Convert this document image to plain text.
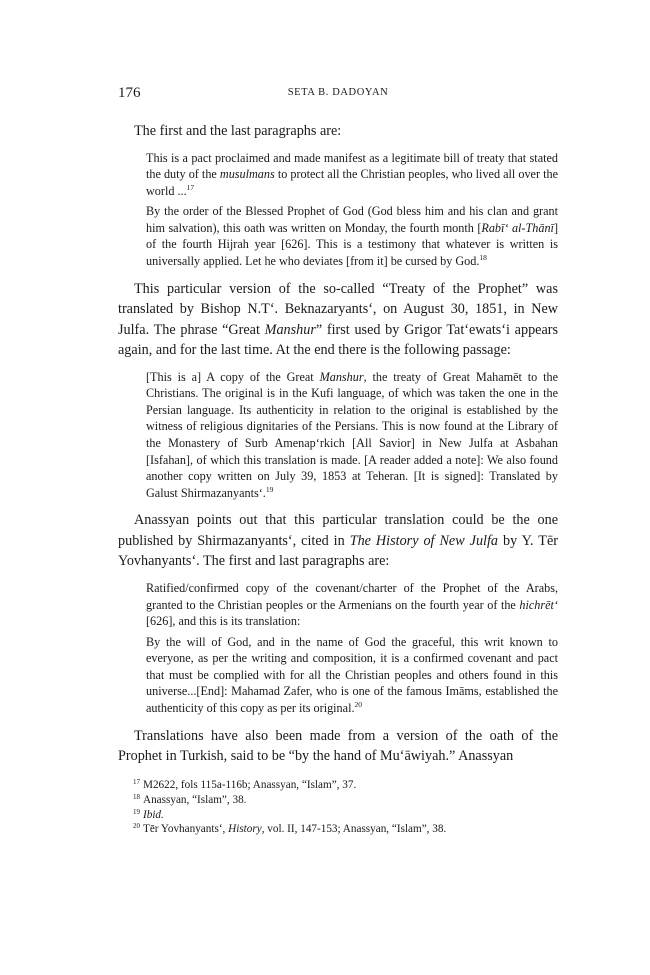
176	SETA B. DADOYAN

The first and the last paragraphs are:

This is a pact proclaimed and made manifest as a legitimate bill of treaty that stated the duty of the musulmans to protect all the Christian peoples, who lived all over the world ...$^{17}$

By the order of the Blessed Prophet of God (God bless him and his clan and grant him salvation), this oath was written on Monday, the fourth month [Rabī‘ al-Thānī] of the fourth Hijrah year [626]. This is a testimony that whatever is written is universally applied. Let he who deviates [from it] be cursed by God.$^{18}$

This particular version of the so-called “Treaty of the Prophet” was translated by Bishop N.T‘. Beknazaryants‘, on August 30, 1851, in New Julfa. The phrase “Great Manshur” first used by Grigor Tat‘ewats‘i appears again, and for the last time. At the end there is the following passage:

[This is a] A copy of the Great Manshur, the treaty of Great Mahamēt to the Christians. The original is in the Kufi language, of which was taken the one in the Persian language. Its authenticity in relation to the original is established by the witness of religious dignitaries of the Persians. This is now found at the Library of the Monastery of Surb Amenap‘rkich [All Savior] in New Julfa at Asbahan [Isfahan], of which this translation is made. [A reader added a note]: We also found another copy written on July 39, 1853 at Teheran. [It is signed]: Translated by Galust Shirmazanyants‘.$^{19}$

Anassyan points out that this particular translation could be the one published by Shirmazanyants‘, cited in The History of New Julfa by Y. Tēr Yovhanyants‘. The first and last paragraphs are:

Ratified/confirmed copy of the covenant/charter of the Prophet of the Arabs, granted to the Christian peoples or the Armenians on the fourth year of the hichrēt‘ [626], and this is its translation:

By the will of God, and in the name of God the graceful, this writ known to everyone, as per the writing and composition, it is a confirmed covenant and pact that must be complied with for all the Christian peoples and others found in this universe...[End]: Mahamad Zafer, who is one of the famous Imāms, established the authenticity of this copy as per its original.$^{20}$

Translations have also been made from a version of the oath of the Prophet in Turkish, said to be “by the hand of Mu‘āwiyah.” Anassyan

$^{17}$ M2622, fols 115a-116b; Anassyan, “Islam”, 37.

$^{18}$ Anassyan, “Islam”, 38.

$^{19}$ Ibid.

$^{20}$ Tēr Yovhanyants‘, History, vol. II, 147-153; Anassyan, “Islam”, 38.
